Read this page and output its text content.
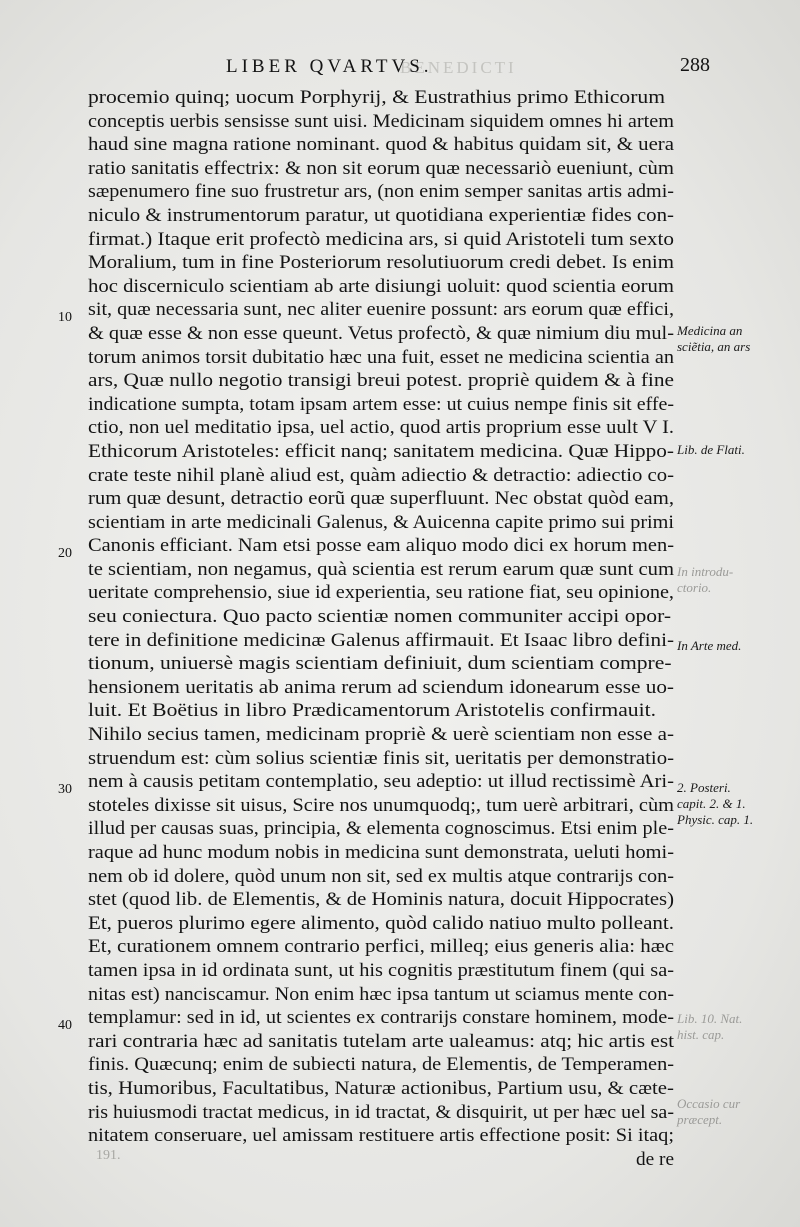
BENEDICTI
LIBER QVARTVS.	288
10
20
30
40
procemio quinq; uocum Porphyrij, & Eustrathius primo Ethicorum
conceptis uerbis sensisse sunt uisi. Medicinam siquidem omnes hi artem
haud sine magna ratione nominant. quod & habitus quidam sit, & uera
ratio sanitatis effectrix: & non sit eorum quæ necessariò eueniunt, cùm
sæpenumero fine suo frustretur ars, (non enim semper sanitas artis admi-
niculo & instrumentorum paratur, ut quotidiana experientiæ fides con-
firmat.) Itaque erit profectò medicina ars, si quid Aristoteli tum sexto
Moralium, tum in fine Posteriorum resolutiuorum credi debet. Is enim
hoc discerniculo scientiam ab arte disiungi uoluit: quod scientia eorum
sit, quæ necessaria sunt, nec aliter euenire possunt: ars eorum quæ effici,
& quæ esse & non esse queunt. Vetus profectò, & quæ nimium diu mul-
torum animos torsit dubitatio hæc una fuit, esset ne medicina scientia an
ars, Quæ nullo negotio transigi breui potest. propriè quidem & à fine
indicatione sumpta, totam ipsam artem esse: ut cuius nempe finis sit effe-
ctio, non uel meditatio ipsa, uel actio, quod artis proprium esse uult V I.
Ethicorum Aristoteles: efficit nanq; sanitatem medicina. Quæ Hippo-
crate teste nihil planè aliud est, quàm adiectio & detractio: adiectio co-
rum quæ desunt, detractio eorũ quæ superfluunt. Nec obstat quòd eam,
scientiam in arte medicinali Galenus, & Auicenna capite primo sui primi
Canonis efficiant. Nam etsi posse eam aliquo modo dici ex horum men-
te scientiam, non negamus, quà scientia est rerum earum quæ sunt cum
ueritate comprehensio, siue id experientia, seu ratione fiat, seu opinione,
seu coniectura. Quo pacto scientiæ nomen communiter accipi opor-
tere in definitione medicinæ Galenus affirmauit. Et Isaac libro defini-
tionum, uniuersè magis scientiam definiuit, dum scientiam compre-
hensionem ueritatis ab anima rerum ad sciendum idonearum esse uo-
luit. Et Boëtius in libro Prædicamentorum Aristotelis confirmauit.
Nihilo secius tamen, medicinam propriè & uerè scientiam non esse a-
struendum est: cùm solius scientiæ finis sit, ueritatis per demonstratio-
nem à causis petitam contemplatio, seu adeptio: ut illud rectissimè Ari-
stoteles dixisse sit uisus, Scire nos unumquodq;, tum uerè arbitrari, cùm
illud per causas suas, principia, & elementa cognoscimus. Etsi enim ple-
raque ad hunc modum nobis in medicina sunt demonstrata, ueluti homi-
nem ob id dolere, quòd unum non sit, sed ex multis atque contrarijs con-
stet (quod lib. de Elementis, & de Hominis natura, docuit Hippocrates)
Et, pueros plurimo egere alimento, quòd calido natiuo multo polleant.
Et, curationem omnem contrario perfici, milleq; eius generis alia: hæc
tamen ipsa in id ordinata sunt, ut his cognitis præstitutum finem (qui sa-
nitas est) nanciscamur. Non enim hæc ipsa tantum ut sciamus mente con-
templamur: sed in id, ut scientes ex contrarijs constare hominem, mode-
rari contraria hæc ad sanitatis tutelam arte ualeamus: atq; hic artis est
finis. Quæcunq; enim de subiecti natura, de Elementis, de Temperamen-
tis, Humoribus, Facultatibus, Naturæ actionibus, Partium usu, & cæte-
ris huiusmodi tractat medicus, in id tractat, & disquirit, ut per hæc uel sa-
nitatem conseruare, uel amissam restituere artis effectione posit: Si itaq;
de re
Medicina an
sciẽtia, an ars
Lib. de Flati.
In introdu-
ctorio.
In Arte med.
2. Posteri.
capit. 2. & 1.
Physic. cap. 1.
Lib. 10. Nat.
hist. cap.
Occasio cur
præcept.
191.
